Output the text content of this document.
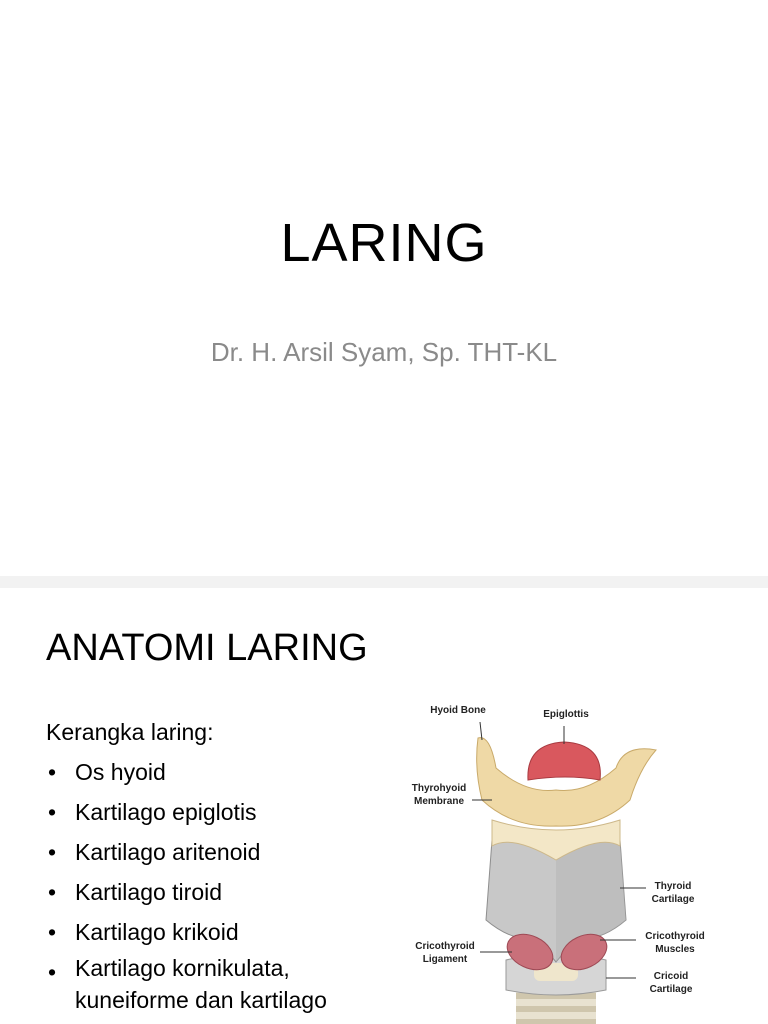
LARING
Dr. H. Arsil Syam, Sp. THT-KL
ANATOMI LARING

Kerangka laring:

• Os hyoid
• Kartilago epiglotis
• Kartilago aritenoid
• Kartilago tiroid
• Kartilago krikoid
• Kartilago kornikulata,
kuneiforme dan kartilago
Hyoid Bone	Epiglottis
Thyrohyoid
Membrane
Thyroid
Cartilage
Cricothyroid
Ligament
Cricothyroid
Muscles
Cricoid
Cartilage
